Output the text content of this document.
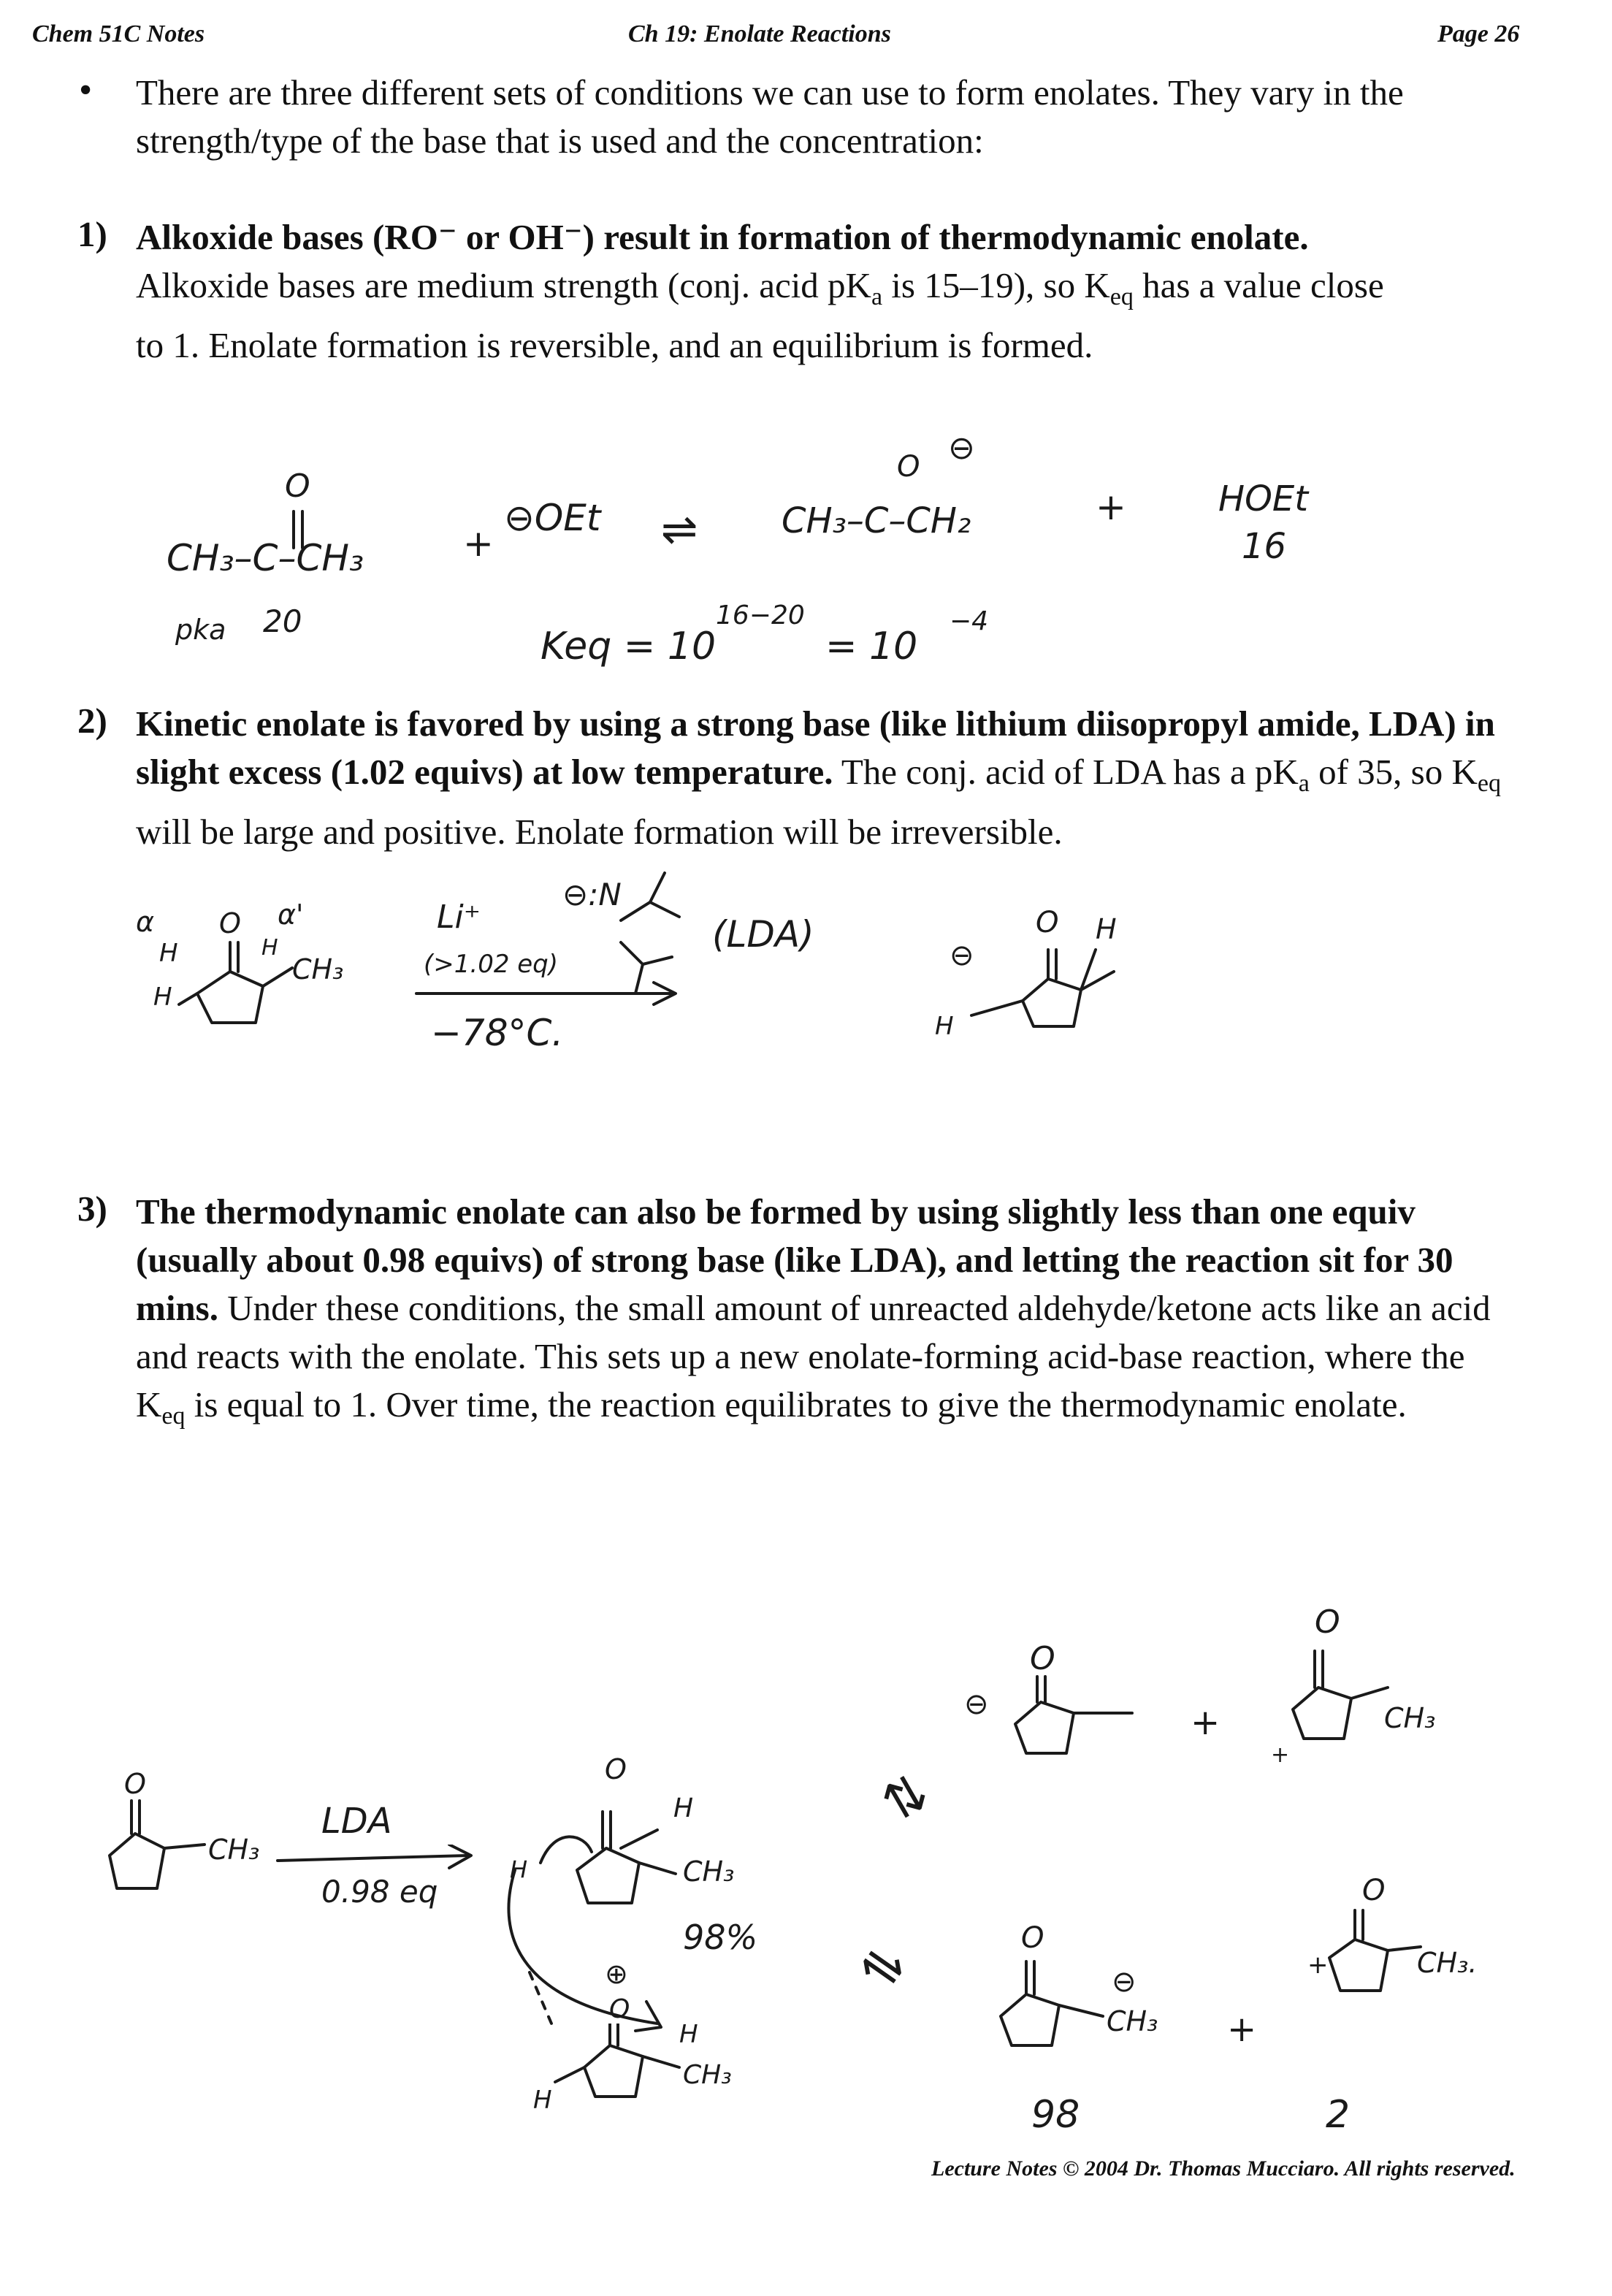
Chem 51C Notes	Ch 19: Enolate Reactions	Page 26
• There are three different sets of conditions we can use to form enolates. They vary in the strength/type of the base that is used and the concentration:
1) Alkoxide bases (RO⁻ or OH⁻) result in formation of thermodynamic enolate.
Alkoxide bases are medium strength (conj. acid $pK_a$ is 15–19), so $K_{eq}$ has a value close
to 1. Enolate formation is reversible, and an equilibrium is formed.
O
CH₃–C–CH₃
pka 20
+
⊖OEt ⇌
O ⊖
CH₃–C–CH₂	+	HOEt
16
Keq = 10
16−20
= 10
−4
2) Kinetic enolate is favored by using a strong base (like lithium diisopropyl amide, LDA) in slight excess (1.02 equivs) at low temperature. The conj. acid of LDA has a $pK_a$ of 35, so $K_{eq}$ will be large and positive. Enolate formation will be irreversible.
α O α'
H
H
H
CH₃
Li⁺
⊖:N
(LDA)
(>1.02 eq)
−78°C.
⊖
O H
H
3) The thermodynamic enolate can also be formed by using slightly less than one equiv (usually about 0.98 equivs) of strong base (like LDA), and letting the reaction sit for 30 mins. Under these conditions, the small amount of unreacted aldehyde/ketone acts like an acid and reacts with the enolate. This sets up a new enolate-forming acid-base reaction, where the $K_{eq}$ is equal to 1. Over time, the reaction equilibrates to give the thermodynamic enolate.
O
CH₃
LDA
0.98 eq
O
H
CH₃
H
98%
⊕
O
H
H
CH₃
⇅
⇌
O
⊖	+
O
CH₃
+
O
⊖
CH₃ +
O
CH₃.
+
98	2
Lecture Notes © 2004 Dr. Thomas Mucciaro. All rights reserved.
